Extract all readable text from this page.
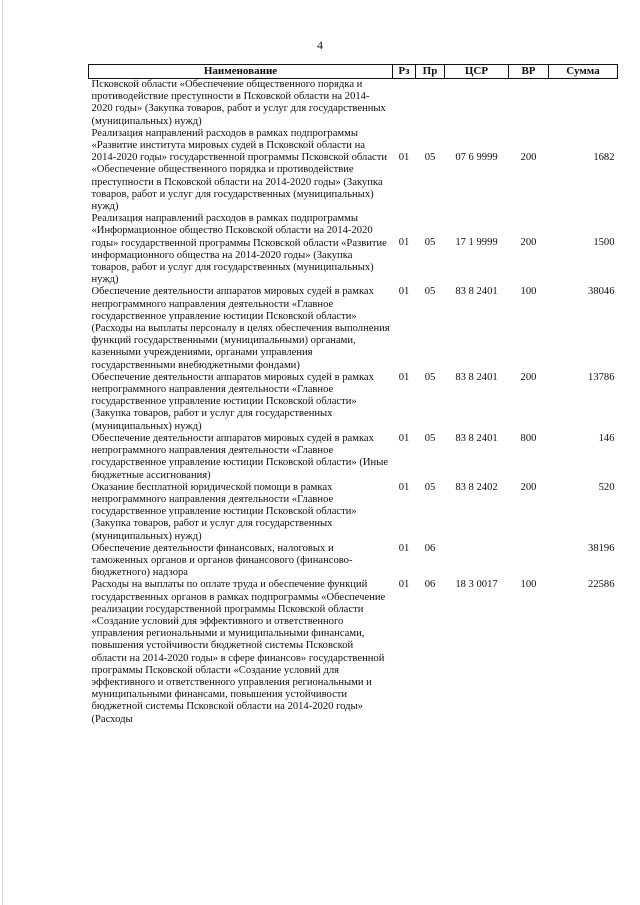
4
Наименование	Рз	Пр	ЦСР	ВР	Сумма
Псковской области «Обеспечение общественного порядка и противодействие преступности в Псковской области на 2014-2020 годы» (Закупка товаров, работ и услуг для государственных (муниципальных) нужд)					
Реализация направлений расходов в рамках подпрограммы «Развитие института мировых судей в Псковской области на 2014-2020 годы» государственной программы Псковской области «Обеспечение общественного порядка и противодействие преступности в Псковской области на 2014-2020 годы» (Закупка товаров, работ и услуг для государственных (муниципальных) нужд)	01	05	07 6 9999	200	1682
Реализация направлений расходов в рамках подпрограммы «Информационное общество Псковской области на 2014-2020 годы» государственной программы Псковской области «Развитие информационного общества на 2014-2020 годы» (Закупка товаров, работ и услуг для государственных (муниципальных) нужд)	01	05	17 1 9999	200	1500
Обеспечение деятельности аппаратов мировых судей в рамках непрограммного направления деятельности «Главное государственное управление юстиции Псковской области» (Расходы на выплаты персоналу в целях обеспечения выполнения функций государственными (муниципальными) органами, казенными учреждениями, органами управления государственными внебюджетными фондами)	01	05	83 8 2401	100	38046
Обеспечение деятельности аппаратов мировых судей в рамках непрограммного направления деятельности «Главное государственное управление юстиции Псковской области» (Закупка товаров, работ и услуг для государственных (муниципальных) нужд)	01	05	83 8 2401	200	13786
Обеспечение деятельности аппаратов мировых судей в рамках непрограммного направления деятельности «Главное государственное управление юстиции Псковской области» (Иные бюджетные ассигнования)	01	05	83 8 2401	800	146
Оказание бесплатной юридической помощи в рамках непрограммного направления деятельности «Главное государственное управление юстиции Псковской области» (Закупка товаров, работ и услуг для государственных (муниципальных) нужд)	01	05	83 8 2402	200	520
Обеспечение деятельности финансовых, налоговых и таможенных органов и органов финансового (финансово-бюджетного) надзора	01	06			38196
Расходы на выплаты по оплате труда и обеспечение функций государственных органов в рамках подпрограммы «Обеспечение реализации государственной программы Псковской области «Создание условий для эффективного и ответственного управления региональными и муниципальными финансами, повышения устойчивости бюджетной системы Псковской области на 2014-2020 годы» в сфере финансов» государственной программы Псковской области «Создание условий для эффективного и ответственного управления региональными и муниципальными финансами, повышения устойчивости бюджетной системы Псковской области на 2014-2020 годы» (Расходы	01	06	18 3 0017	100	22586
